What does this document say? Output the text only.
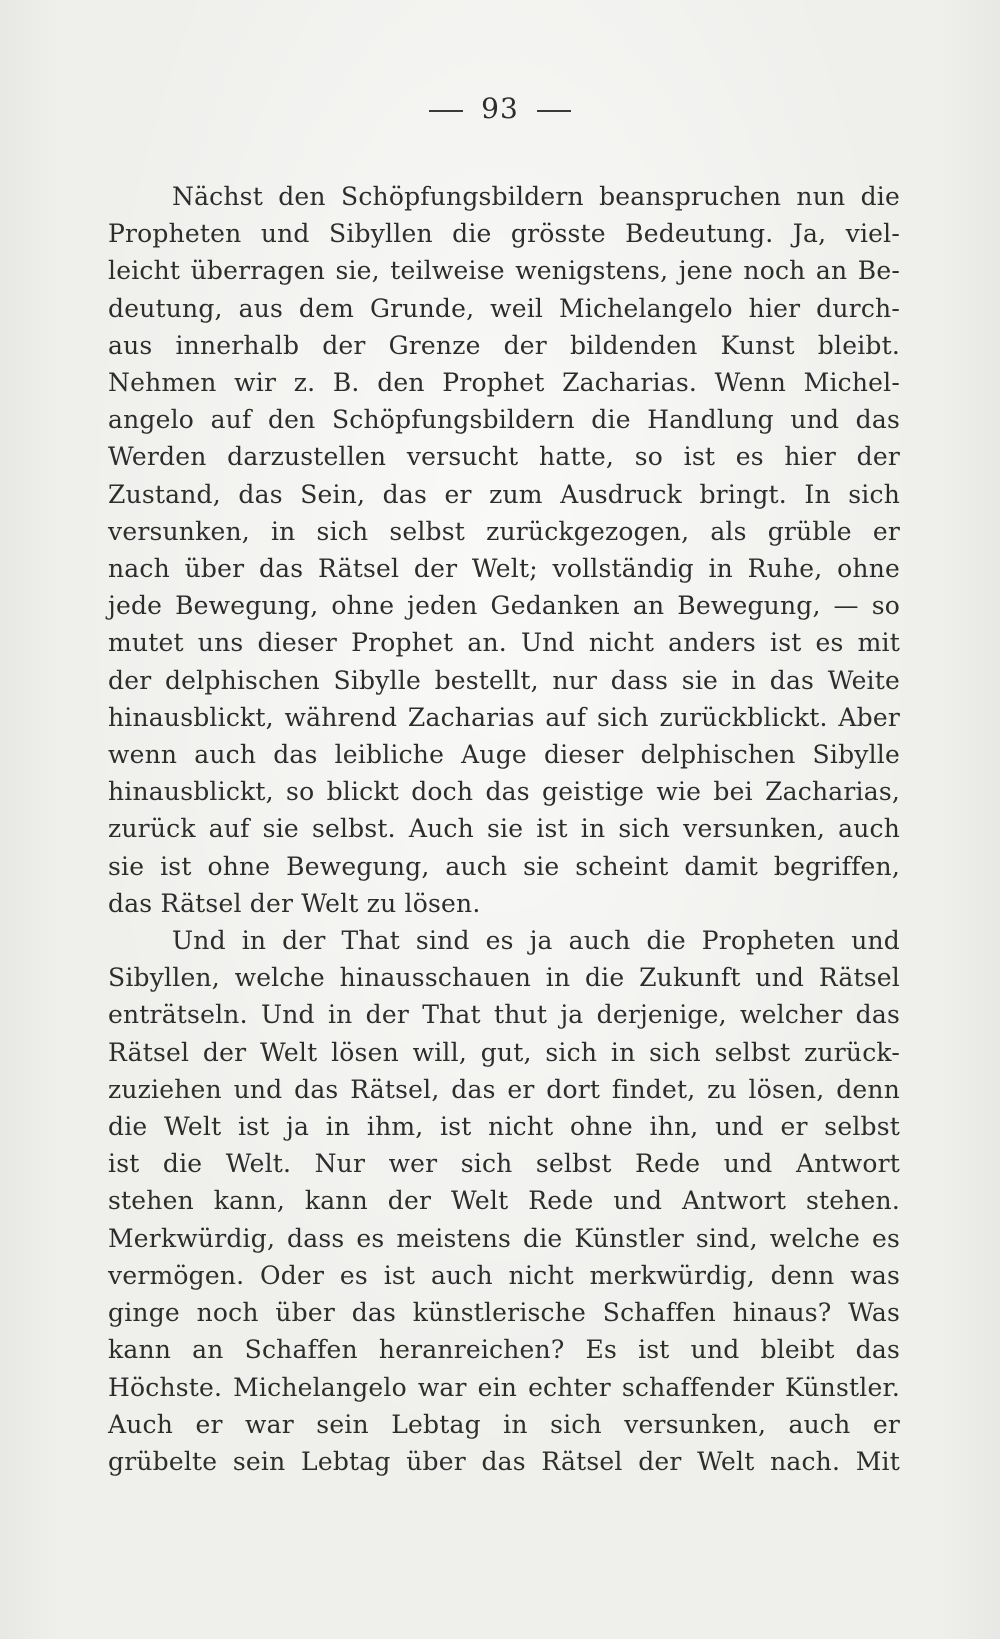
93
Nächst den Schöpfungsbildern beanspruchen nun die
Propheten und Sibyllen die grösste Bedeutung. Ja, viel-
leicht überragen sie, teilweise wenigstens, jene noch an Be-
deutung, aus dem Grunde, weil Michelangelo hier durch-
aus innerhalb der Grenze der bildenden Kunst bleibt.
Nehmen wir z. B. den Prophet Zacharias. Wenn Michel-
angelo auf den Schöpfungsbildern die Handlung und das
Werden darzustellen versucht hatte, so ist es hier der
Zustand, das Sein, das er zum Ausdruck bringt. In sich
versunken, in sich selbst zurückgezogen, als grüble er
nach über das Rätsel der Welt; vollständig in Ruhe, ohne
jede Bewegung, ohne jeden Gedanken an Bewegung, — so
mutet uns dieser Prophet an. Und nicht anders ist es mit
der delphischen Sibylle bestellt, nur dass sie in das Weite
hinausblickt, während Zacharias auf sich zurückblickt. Aber
wenn auch das leibliche Auge dieser delphischen Sibylle
hinausblickt, so blickt doch das geistige wie bei Zacharias,
zurück auf sie selbst. Auch sie ist in sich versunken, auch
sie ist ohne Bewegung, auch sie scheint damit begriffen,
das Rätsel der Welt zu lösen.
Und in der That sind es ja auch die Propheten und
Sibyllen, welche hinausschauen in die Zukunft und Rätsel
enträtseln. Und in der That thut ja derjenige, welcher das
Rätsel der Welt lösen will, gut, sich in sich selbst zurück-
zuziehen und das Rätsel, das er dort findet, zu lösen, denn
die Welt ist ja in ihm, ist nicht ohne ihn, und er selbst
ist die Welt. Nur wer sich selbst Rede und Antwort
stehen kann, kann der Welt Rede und Antwort stehen.
Merkwürdig, dass es meistens die Künstler sind, welche es
vermögen. Oder es ist auch nicht merkwürdig, denn was
ginge noch über das künstlerische Schaffen hinaus? Was
kann an Schaffen heranreichen? Es ist und bleibt das
Höchste. Michelangelo war ein echter schaffender Künstler.
Auch er war sein Lebtag in sich versunken, auch er
grübelte sein Lebtag über das Rätsel der Welt nach. Mit
